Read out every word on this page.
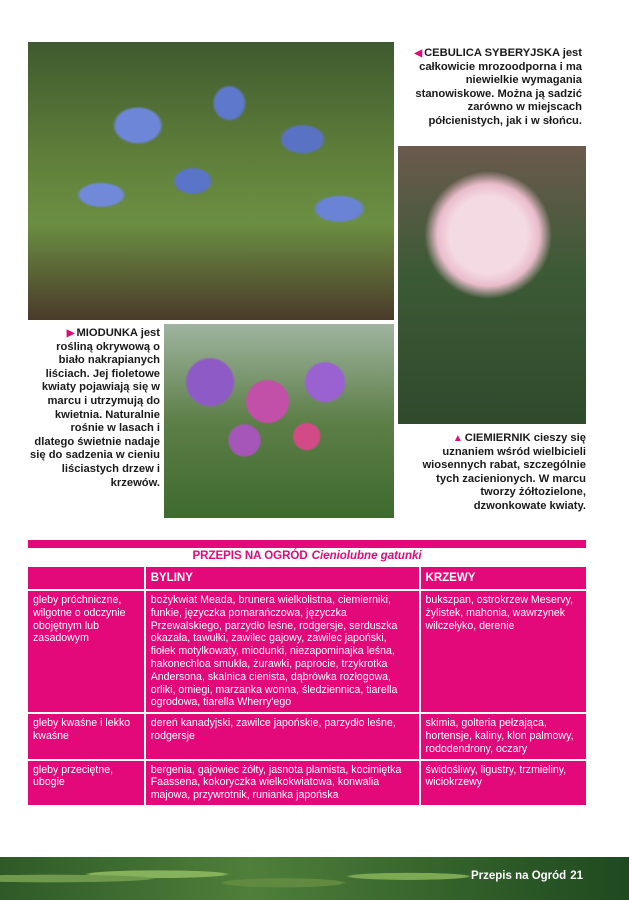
◀ CEBULICA SYBERYJSKA jest całkowicie mrozoodporna i ma niewielkie wymagania stanowiskowe. Można ją sadzić zarówno w miejscach półcienistych, jak i w słońcu.
▶ MIODUNKA jest rośliną okrywową o biało nakrapianych liściach. Jej fioletowe kwiaty pojawiają się w marcu i utrzymują do kwietnia. Naturalnie rośnie w lasach i dlatego świetnie nadaje się do sadzenia w cieniu liściastych drzew i krzewów.
▲ CIEMIERNIK cieszy się uznaniem wśród wielbicieli wiosennych rabat, szczególnie tych zacienionych. W marcu tworzy żółtozielone, dzwonkowate kwiaty.
PRZEPIS NA OGRÓD Cieniolubne gatunki
	BYLINY	KRZEWY
gleby próchniczne, wilgotne o odczynie obojętnym lub zasadowym	bożykwiat Meada, brunera wielkolistna, ciemierniki, funkie, języczka pomarańczowa, języczka Przewalskiego, parzydło leśne, rodgersje, serduszka okazała, tawułki, zawilec gajowy, zawilec japoński, fiołek motylkowaty, miodunki, niezapominajka leśna, hakonechloa smukła, żurawki, paprocie, trzykrotka Andersona, skalnica cienista, dąbrówka rozłogowa, orliki, omiegi, marzanka wonna, śledziennica, tiarella ogrodowa, tiarella Wherry'ego	bukszpan, ostrokrzew Meservy, żylistek, mahonia, wawrzynek wilczełyko, derenie
gleby kwaśne i lekko kwaśne	dereń kanadyjski, zawilce japońskie, parzydło leśne, rodgersje	skimia, golteria pełzająca, hortensje, kaliny, klon palmowy, rododendrony, oczary
gleby przeciętne, ubogie	bergenia, gajowiec żółty, jasnota plamista, kocimiętka Faassena, kokoryczka wielkokwiatowa, konwalia majowa, przywrotnik, runianka japońska	świdośliwy, ligustry, trzmieliny, wiciokrzewy
Przepis na Ogród 21
